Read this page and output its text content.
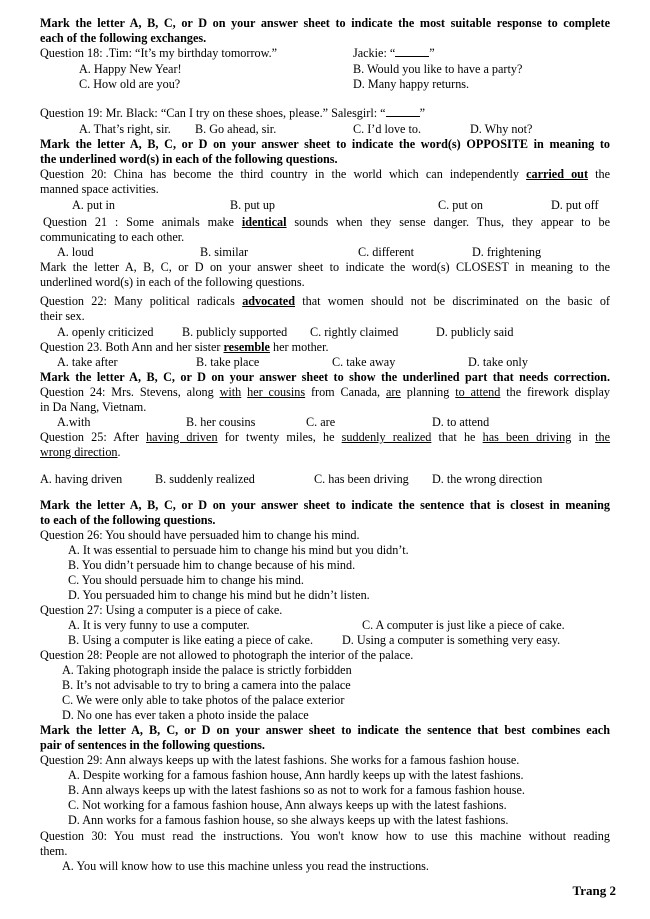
Mark the letter A, B, C, or D on your answer sheet to indicate the most suitable response to complete
each of the following exchanges.
Question 18: .Tim: “It’s my birthday tomorrow.”	Jackie: “	”
A. Happy New Year!	B. Would you like to have a party?
C. How old are you?	D. Many happy returns.
Question 19: Mr. Black: “Can I try on these shoes, please.” Salesgirl: “	”
A. That’s right, sir. B. Go ahead, sir.	C. I’d love to.	D. Why not?
Mark the letter A, B, C, or D on your answer sheet to indicate the word(s) OPPOSITE in meaning to
the underlined word(s) in each of the following questions.
Question 20: China has become the third country in the world which can independently carried out the
manned space activities.
A. put in	B. put up	C. put on	D. put off
Question 21 : Some animals make identical sounds when they sense danger. Thus, they appear to be
communicating to each other.
A. loud	B. similar	C. different	D. frightening
Mark the letter A, B, C, or D on your answer sheet to indicate the word(s) CLOSEST in meaning to the
underlined word(s) in each of the following questions.
Question 22: Many political radicals advocated that women should not be discriminated on the basic of
their sex.
A. openly criticized B. publicly supported C. rightly claimed	D. publicly said
Question 23. Both Ann and her sister resemble her mother.
A. take after	B. take place	C. take away	D. take only
Mark the letter A, B, C, or D on your answer sheet to show the underlined part that needs correction.
Question 24: Mrs. Stevens, along with her cousins from Canada, are planning to attend the firework display
in Da Nang, Vietnam.
A.with	B. her cousins	C. are	D. to attend
Question 25: After having driven for twenty miles, he suddenly realized that he has been driving in the
wrong direction.
A. having driven	B. suddenly realized	C. has been driving D. the wrong direction
Mark the letter A, B, C, or D on your answer sheet to indicate the sentence that is closest in meaning
to each of the following questions.
Question 26: You should have persuaded him to change his mind.
A. It was essential to persuade him to change his mind but you didn’t.
B. You didn’t persuade him to change because of his mind.
C. You should persuade him to change his mind.
D. You persuaded him to change his mind but he didn’t listen.
Question 27: Using a computer is a piece of cake.
A. It is very funny to use a computer.	C. A computer is just like a piece of cake.
B. Using a computer is like eating a piece of cake. D. Using a computer is something very easy.
Question 28: People are not allowed to photograph the interior of the palace.
A. Taking photograph inside the palace is strictly forbidden
B. It’s not advisable to try to bring a camera into the palace
C. We were only able to take photos of the palace exterior
D. No one has ever taken a photo inside the palace
Mark the letter A, B, C, or D on your answer sheet to indicate the sentence that best combines each
pair of sentences in the following questions.
Question 29: Ann always keeps up with the latest fashions. She works for a famous fashion house.
A. Despite working for a famous fashion house, Ann hardly keeps up with the latest fashions.
B. Ann always keeps up with the latest fashions so as not to work for a famous fashion house.
C. Not working for a famous fashion house, Ann always keeps up with the latest fashions.
D. Ann works for a famous fashion house, so she always keeps up with the latest fashions.
Question 30: You must read the instructions. You won't know how to use this machine without reading
them.
A. You will know how to use this machine unless you read the instructions.
Trang 2
